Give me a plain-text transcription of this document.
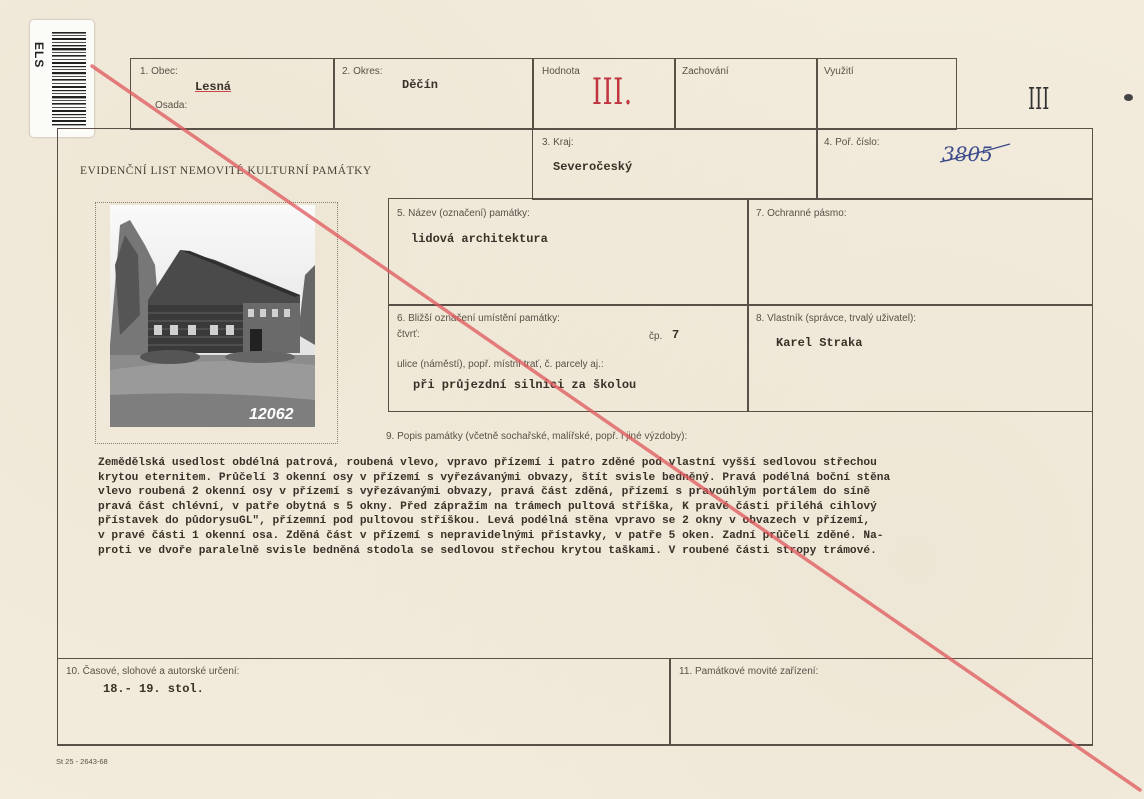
ELS
1. Obec:
Lesná
Osada:
2. Okres:
Děčín
Hodnota
III.
Zachování	Využití
III
EVIDENČNÍ LIST NEMOVITÉ KULTURNÍ PAMÁTKY
3. Kraj:
Severočeský
4. Poř. číslo:	3805
5. Název (označení) památky:
lidová architektura
7. Ochranné pásmo:
6. Bližší označení umístění památky:
čtvrť:	čp. 7
ulice (náměstí), popř. místní trať, č. parcely aj.:
při průjezdní silnici za školou
8. Vlastník (správce, trvalý uživatel):
Karel Straka
12062
9. Popis památky (včetně sochařské, malířské, popř. i jiné výzdoby):
Zemědělská usedlost obdélná patrová, roubená vlevo, vpravo přízemí i patro zděné pod vlastní vyšší sedlovou střechou
krytou eternitem. Průčelí 3 okenní osy v přízemí s vyřezávanými obvazy, štít svisle bedněný. Pravá podélná boční stěna
vlevo roubená 2 okenní osy v přízemí s vyřezávanými obvazy, pravá část zděná, přízemí s pravoúhlým portálem do síně
pravá část chlévní, v patře obytná s 5 okny. Před zápražím na trámech pultová stříška, K pravé části přiléhá cihlový
přístavek do půdorysuGL", přízemní pod pultovou stříškou. Levá podélná stěna vpravo se 2 okny v obvazech v přízemí,
v pravé části 1 okenní osa. Zděná část v přízemí s nepravidelnými přístavky, v patře 5 oken. Zadní průčelí zděné. Na-
proti ve dvoře paralelně svisle bedněná stodola se sedlovou střechou krytou taškami. V roubené části stropy trámové.
10. Časové, slohové a autorské určení:
18.- 19. stol.
11. Památkové movité zařízení:
St 25 - 2643-68
